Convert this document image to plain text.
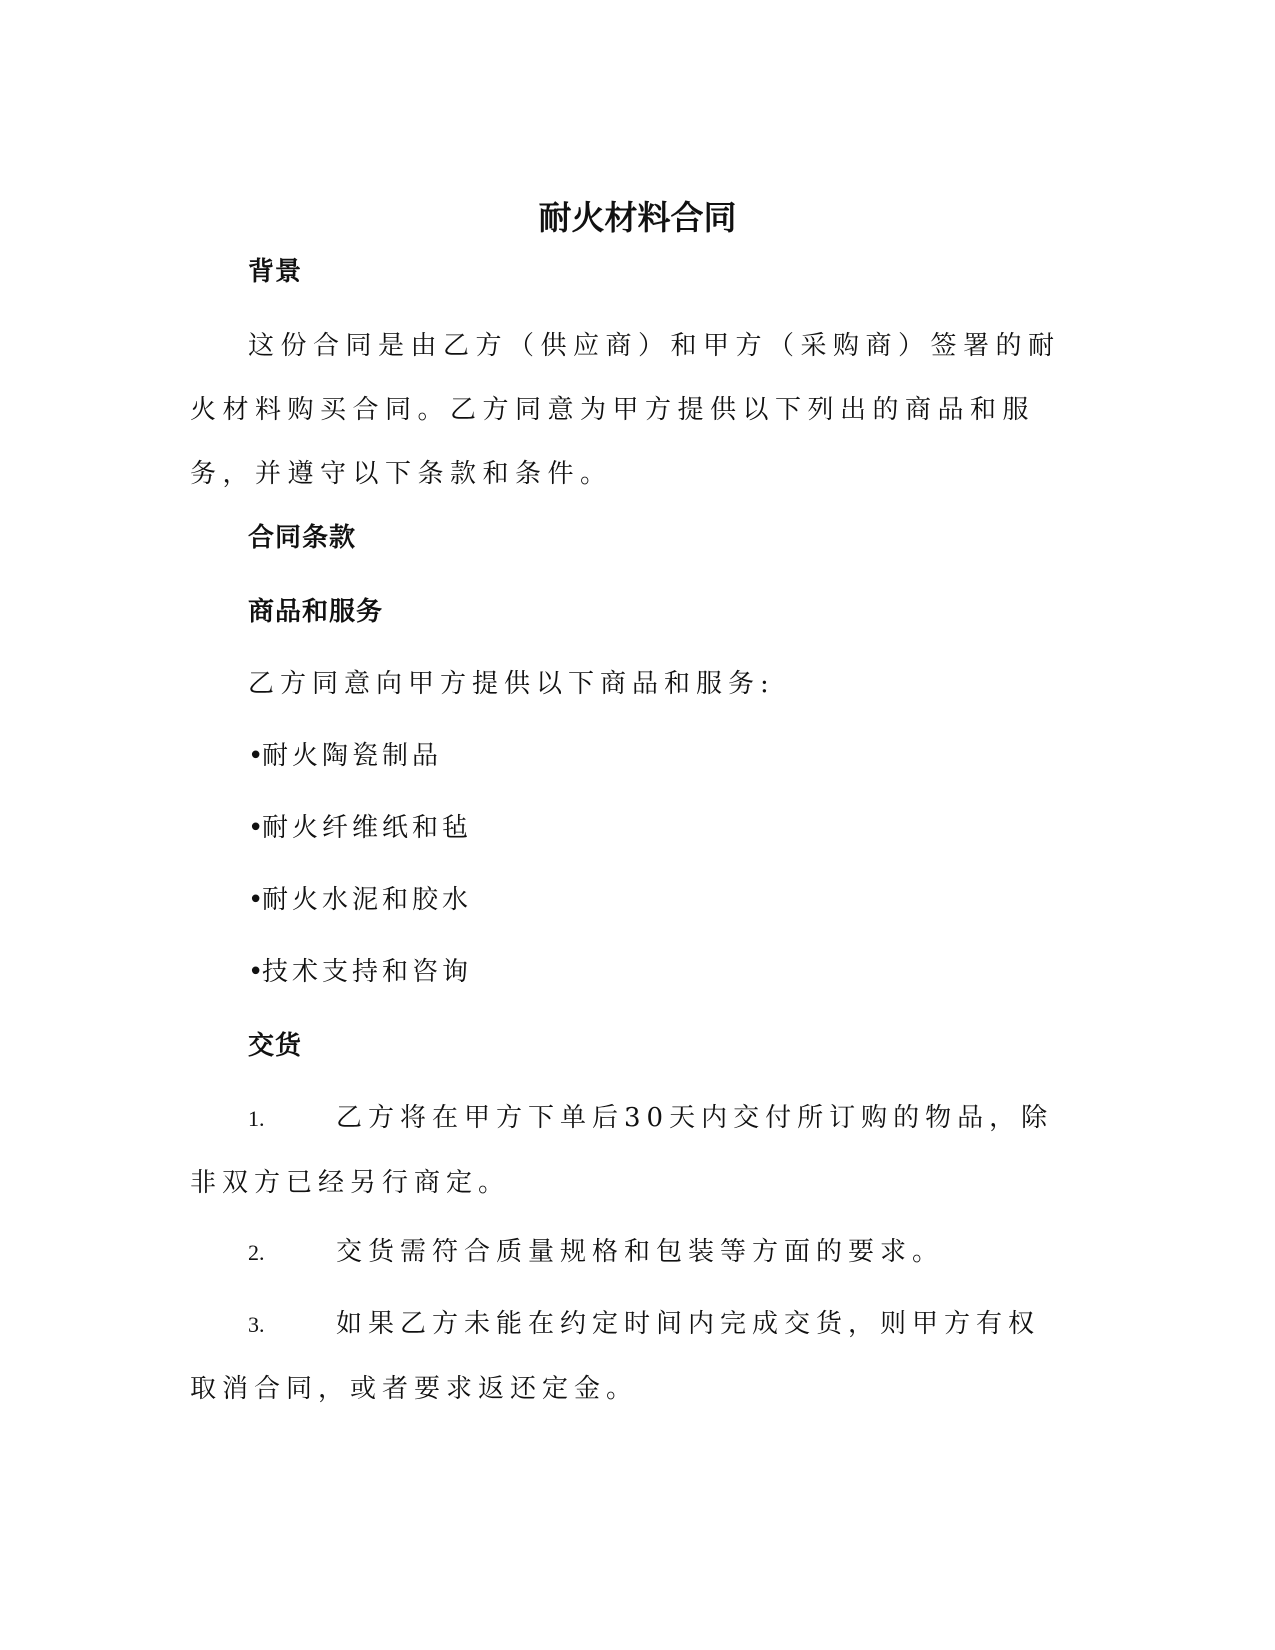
耐火材料合同
背景

这份合同是由乙方（供应商）和甲方（采购商）签署的耐火材料购买合同。乙方同意为甲方提供以下列出的商品和服务，并遵守以下条款和条件。

合同条款
商品和服务
乙方同意向甲方提供以下商品和服务:
•耐火陶瓷制品
•耐火纤维纸和毡
•耐火水泥和胶水
•技术支持和咨询
交货

1.	乙方将在甲方下单后30天内交付所订购的物品，除非双方已经另行商定。

2.	交货需符合质量规格和包装等方面的要求。

3.	如果乙方未能在约定时间内完成交货，则甲方有权取消合同，或者要求返还定金。
